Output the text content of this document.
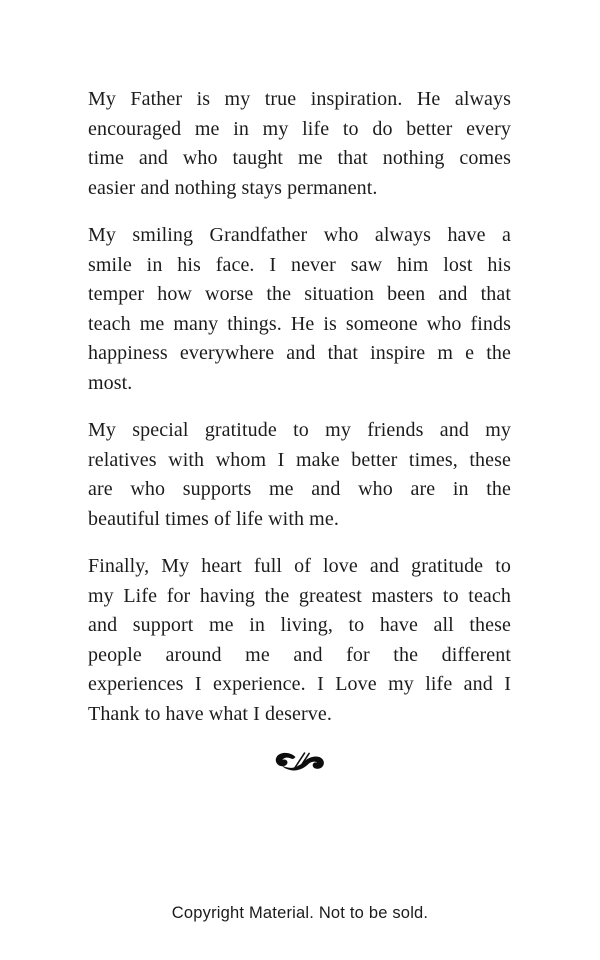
My Father is my true inspiration. He always
encouraged me in my life to do better every
time and who taught me that nothing comes
easier and nothing stays permanent.
My smiling Grandfather who always have a
smile in his face. I never saw him lost his
temper how worse the situation been and that
teach me many things. He is someone who finds
happiness everywhere and that inspire m e the
most.
My special gratitude to my friends and my
relatives with whom I make better times, these
are who supports me and who are in the
beautiful times of life with me.
Finally, My heart full of love and gratitude to
my Life for having the greatest masters to teach
and support me in living, to have all these
people around me and for the different
experiences I experience. I Love my life and I
Thank to have what I deserve.
Copyright Material. Not to be sold.
